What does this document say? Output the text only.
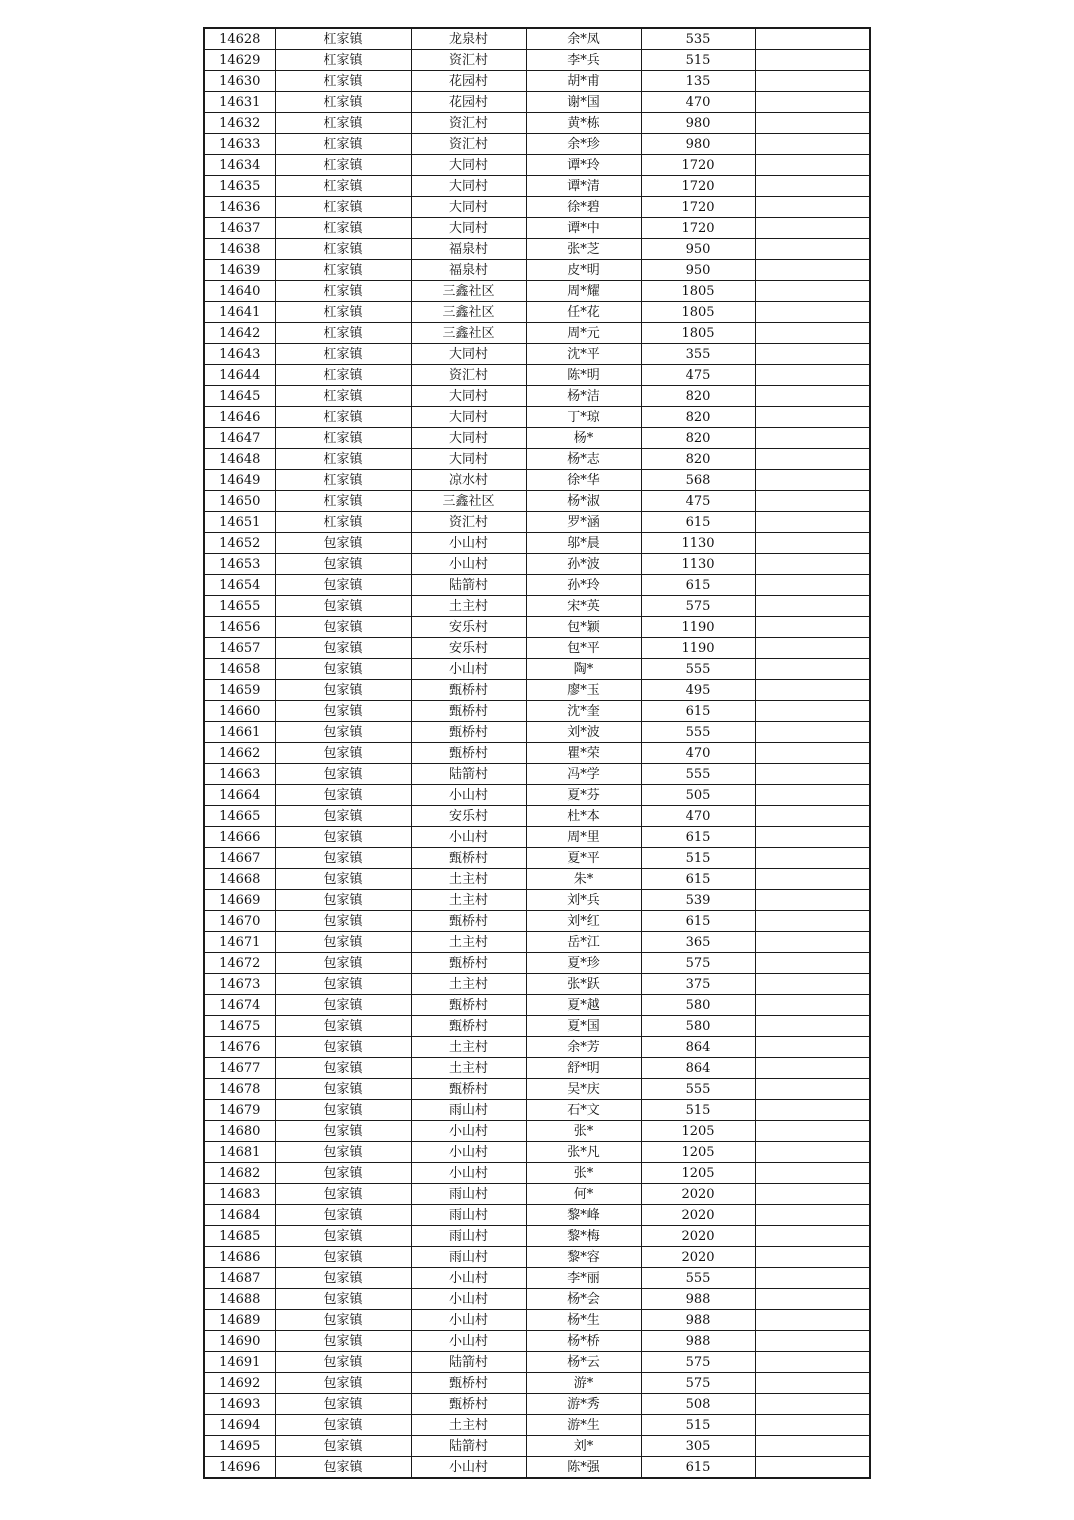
14628	杠家镇	龙泉村	余*凤	535	
14629	杠家镇	资汇村	李*兵	515	
14630	杠家镇	花园村	胡*甫	135	
14631	杠家镇	花园村	谢*国	470	
14632	杠家镇	资汇村	黄*栋	980	
14633	杠家镇	资汇村	余*珍	980	
14634	杠家镇	大同村	谭*玲	1720	
14635	杠家镇	大同村	谭*清	1720	
14636	杠家镇	大同村	徐*碧	1720	
14637	杠家镇	大同村	谭*中	1720	
14638	杠家镇	福泉村	张*芝	950	
14639	杠家镇	福泉村	皮*明	950	
14640	杠家镇	三鑫社区	周*耀	1805	
14641	杠家镇	三鑫社区	任*花	1805	
14642	杠家镇	三鑫社区	周*元	1805	
14643	杠家镇	大同村	沈*平	355	
14644	杠家镇	资汇村	陈*明	475	
14645	杠家镇	大同村	杨*洁	820	
14646	杠家镇	大同村	丁*琼	820	
14647	杠家镇	大同村	杨*	820	
14648	杠家镇	大同村	杨*志	820	
14649	杠家镇	凉水村	徐*华	568	
14650	杠家镇	三鑫社区	杨*淑	475	
14651	杠家镇	资汇村	罗*涵	615	
14652	包家镇	小山村	邬*晨	1130	
14653	包家镇	小山村	孙*波	1130	
14654	包家镇	陆箭村	孙*玲	615	
14655	包家镇	土主村	宋*英	575	
14656	包家镇	安乐村	包*颖	1190	
14657	包家镇	安乐村	包*平	1190	
14658	包家镇	小山村	陶*	555	
14659	包家镇	甄桥村	廖*玉	495	
14660	包家镇	甄桥村	沈*奎	615	
14661	包家镇	甄桥村	刘*波	555	
14662	包家镇	甄桥村	瞿*荣	470	
14663	包家镇	陆箭村	冯*学	555	
14664	包家镇	小山村	夏*芬	505	
14665	包家镇	安乐村	杜*本	470	
14666	包家镇	小山村	周*里	615	
14667	包家镇	甄桥村	夏*平	515	
14668	包家镇	土主村	朱*	615	
14669	包家镇	土主村	刘*兵	539	
14670	包家镇	甄桥村	刘*红	615	
14671	包家镇	土主村	岳*江	365	
14672	包家镇	甄桥村	夏*珍	575	
14673	包家镇	土主村	张*跃	375	
14674	包家镇	甄桥村	夏*越	580	
14675	包家镇	甄桥村	夏*国	580	
14676	包家镇	土主村	余*芳	864	
14677	包家镇	土主村	舒*明	864	
14678	包家镇	甄桥村	吴*庆	555	
14679	包家镇	雨山村	石*文	515	
14680	包家镇	小山村	张*	1205	
14681	包家镇	小山村	张*凡	1205	
14682	包家镇	小山村	张*	1205	
14683	包家镇	雨山村	何*	2020	
14684	包家镇	雨山村	黎*峰	2020	
14685	包家镇	雨山村	黎*梅	2020	
14686	包家镇	雨山村	黎*容	2020	
14687	包家镇	小山村	李*丽	555	
14688	包家镇	小山村	杨*会	988	
14689	包家镇	小山村	杨*生	988	
14690	包家镇	小山村	杨*桥	988	
14691	包家镇	陆箭村	杨*云	575	
14692	包家镇	甄桥村	游*	575	
14693	包家镇	甄桥村	游*秀	508	
14694	包家镇	土主村	游*生	515	
14695	包家镇	陆箭村	刘*	305	
14696	包家镇	小山村	陈*强	615	
